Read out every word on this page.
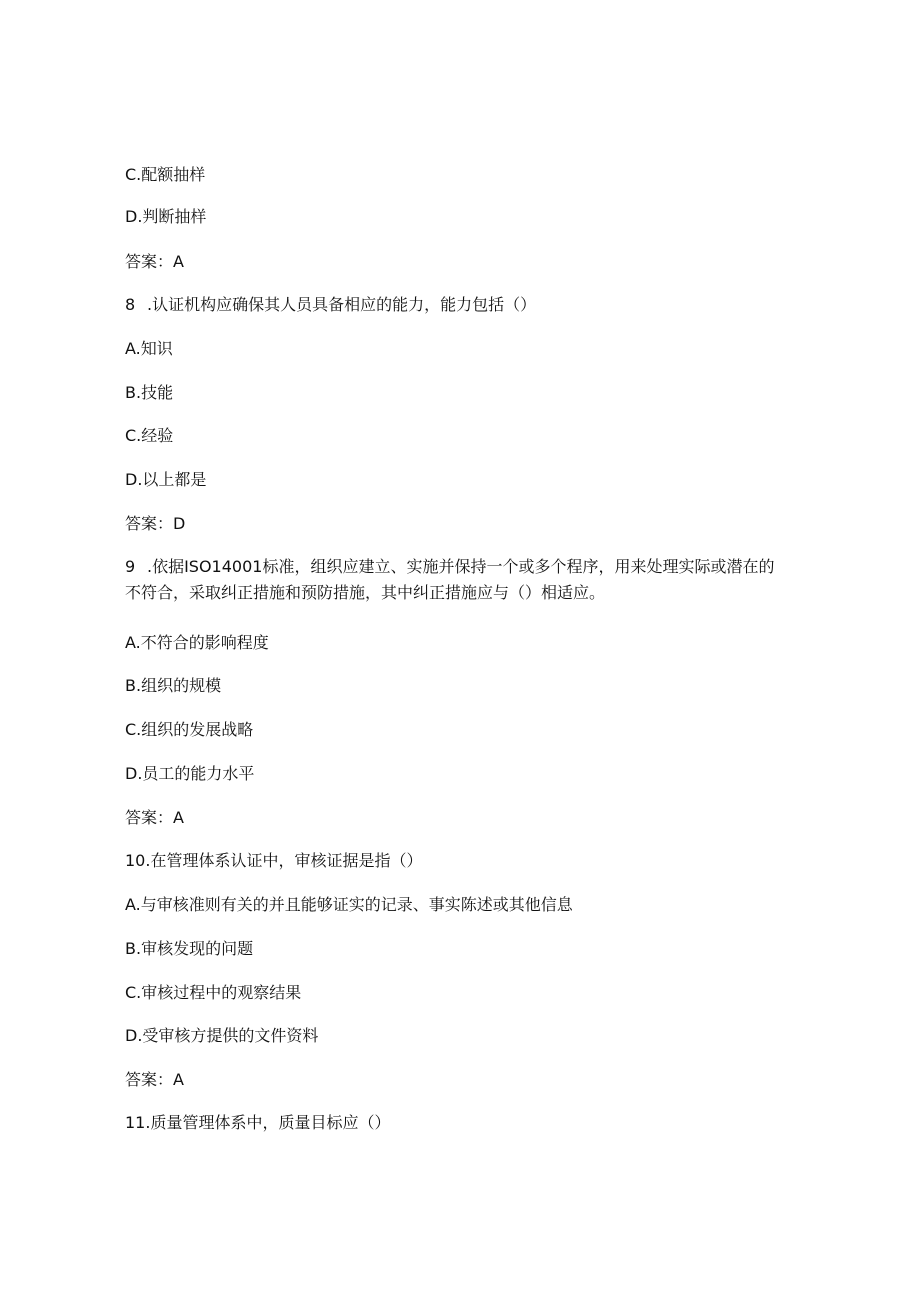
C.配额抽样
D.判断抽样
答案：A
8 .认证机构应确保其人员具备相应的能力，能力包括（）
A.知识
B.技能
C.经验
D.以上都是
答案：D
9 .依据ISO14001标准，组织应建立、实施并保持一个或多个程序，用来处理实际或潜在的不符合，采取纠正措施和预防措施，其中纠正措施应与（）相适应。
A.不符合的影响程度
B.组织的规模
C.组织的发展战略
D.员工的能力水平
答案：A
10.在管理体系认证中，审核证据是指（）
A.与审核准则有关的并且能够证实的记录、事实陈述或其他信息
B.审核发现的问题
C.审核过程中的观察结果
D.受审核方提供的文件资料
答案：A
11.质量管理体系中，质量目标应（）
